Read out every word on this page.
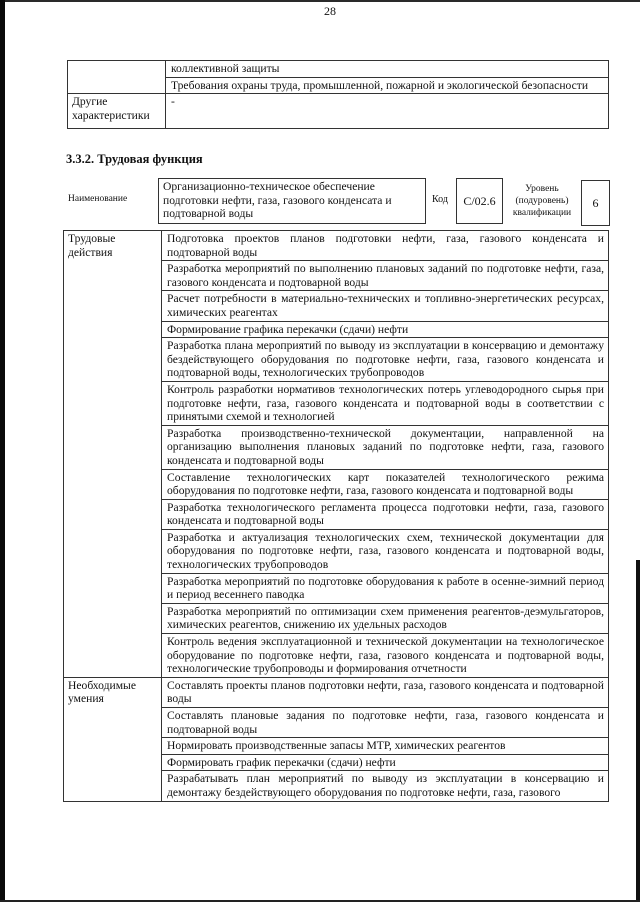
28
	коллективной защиты
	Требования охраны труда, промышленной, пожарной и экологической безопасности
Другие характеристики	-
3.3.2. Трудовая функция
Наименование
Организационно-техническое обеспечение подготовки нефти, газа, газового конденсата и подтоварной воды
Код C/02.6
Уровень (подуровень) квалификации
6
Трудовые действия	Подготовка проектов планов подготовки нефти, газа, газового конденсата и подтоварной воды
	Разработка мероприятий по выполнению плановых заданий по подготовке нефти, газа, газового конденсата и подтоварной воды
	Расчет потребности в материально-технических и топливно-энергетических ресурсах, химических реагентах
	Формирование графика перекачки (сдачи) нефти
	Разработка плана мероприятий по выводу из эксплуатации в консервацию и демонтажу бездействующего оборудования по подготовке нефти, газа, газового конденсата и подтоварной воды, технологических трубопроводов
	Контроль разработки нормативов технологических потерь углеводородного сырья при подготовке нефти, газа, газового конденсата и подтоварной воды в соответствии с принятыми схемой и технологией
	Разработка производственно-технической документации, направленной на организацию выполнения плановых заданий по подготовке нефти, газа, газового конденсата и подтоварной воды
	Составление технологических карт показателей технологического режима оборудования по подготовке нефти, газа, газового конденсата и подтоварной воды
	Разработка технологического регламента процесса подготовки нефти, газа, газового конденсата и подтоварной воды
	Разработка и актуализация технологических схем, технической документации для оборудования по подготовке нефти, газа, газового конденсата и подтоварной воды, технологических трубопроводов
	Разработка мероприятий по подготовке оборудования к работе в осенне-зимний период и период весеннего паводка
	Разработка мероприятий по оптимизации схем применения реагентов-деэмульгаторов, химических реагентов, снижению их удельных расходов
	Контроль ведения эксплуатационной и технической документации на технологическое оборудование по подготовке нефти, газа, газового конденсата и подтоварной воды, технологические трубопроводы и формирования отчетности
Необходимые умения	Составлять проекты планов подготовки нефти, газа, газового конденсата и подтоварной воды
	Составлять плановые задания по подготовке нефти, газа, газового конденсата и подтоварной воды
	Нормировать производственные запасы МТР, химических реагентов
	Формировать график перекачки (сдачи) нефти
	Разрабатывать план мероприятий по выводу из эксплуатации в консервацию и демонтажу бездействующего оборудования по подготовке нефти, газа, газового
